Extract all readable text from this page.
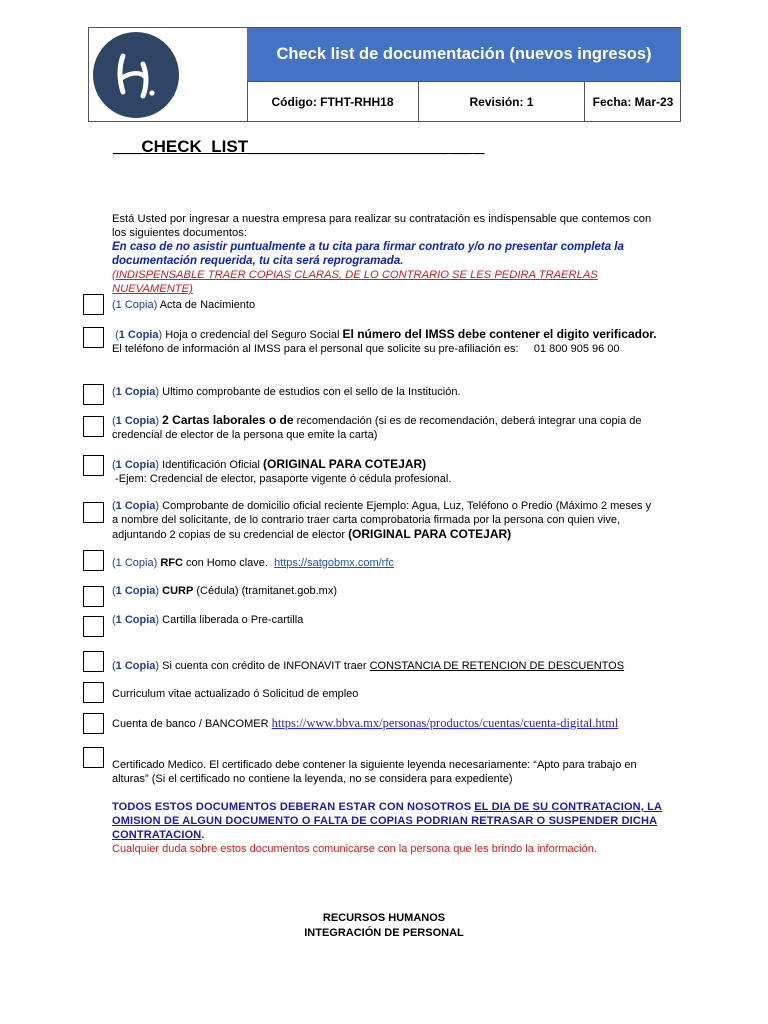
Check list de documentación (nuevos ingresos)
Código: FTHT-RHH18	Revisión: 1	Fecha: Mar-23
___CHECK  LIST_____________________ __ _
Está Usted por ingresar a nuestra empresa para realizar su contratación es indispensable que contemos con los siguientes documentos:
En caso de no asistir puntualmente a tu cita para firmar contrato y/o no presentar completa la documentación requerida, tu cita será reprogramada.
(INDISPENSABLE TRAER COPIAS CLARAS, DE LO CONTRARIO SE LES PEDIRA TRAERLAS NUEVAMENTE)
(1 Copia) Acta de Nacimiento
(1 Copia) Hoja o credencial del Seguro Social El número del IMSS debe contener el digito verificador.  El teléfono de información al IMSS para el personal que solicite su pre-afiliación es: 01 800 905 96 00
(1 Copia) Ultimo comprobante de estudios con el sello de la Institución.
(1 Copia) 2 Cartas laborales o de recomendación (si es de recomendación, deberá integrar una copia de credencial de elector de la persona que emite la carta)
(1 Copia) Identificación Oficial (ORIGINAL PARA COTEJAR)
-Ejem: Credencial de elector, pasaporte vigente ó cédula profesional.
(1 Copia) Comprobante de domicilio oficial reciente Ejemplo: Agua, Luz, Teléfono o Predio (Máximo 2 meses y a nombre del solicitante, de lo contrario traer carta comprobatoria firmada por la persona con quien vive, adjuntando 2 copias de su credencial de elector (ORIGINAL PARA COTEJAR)
(1 Copia) RFC con Homo clave. https://satgobmx.com/rfc
(1 Copia) CURP (Cédula) (tramitanet.gob.mx)
(1 Copia) Cartilla liberada o Pre-cartilla
(1 Copia) Si cuenta con crédito de INFONAVIT traer CONSTANCIA DE RETENCION DE DESCUENTOS
Curriculum vitae actualizado ó Solicitud de empleo
Cuenta de banco / BANCOMER https://www.bbva.mx/personas/productos/cuentas/cuenta-digital.html
Certificado Medico. El certificado debe contener la siguiente leyenda necesariamente: “Apto para trabajo en alturas” (Si el certificado no contiene la leyenda, no se considera para expediente)
TODOS ESTOS DOCUMENTOS DEBERAN ESTAR CON NOSOTROS EL DIA DE SU CONTRATACION, LA OMISION DE ALGUN DOCUMENTO O FALTA DE COPIAS PODRIAN RETRASAR O SUSPENDER DICHA CONTRATACION.
Cualquier duda sobre estos documentos comunicarse con la persona que les brindo la información.
RECURSOS HUMANOS
INTEGRACIÓN DE PERSONAL
